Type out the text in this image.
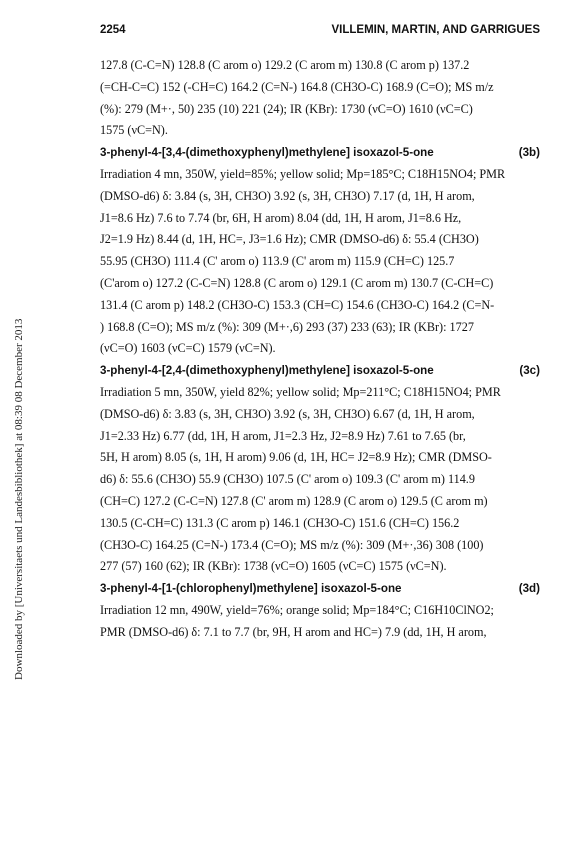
2254	VILLEMIN, MARTIN, AND GARRIGUES
Downloaded by [Universitaets und Landesbibliothek] at 08:39 08 December 2013
127.8 (C-C=N) 128.8 (C arom o) 129.2 (C arom m) 130.8 (C arom p) 137.2
(=CH-C=C) 152 (-CH=C) 164.2 (C=N-) 164.8 (CH3O-C) 168.9 (C=O); MS m/z
(%): 279 (M+·, 50) 235 (10) 221 (24); IR (KBr): 1730 (νC=O) 1610 (νC=C)
1575 (νC=N).
(3b)
3-phenyl-4-[3,4-(dimethoxyphenyl)methylene] isoxazol-5-one
Irradiation 4 mn, 350W, yield=85%; yellow solid; Mp=185°C; C18H15NO4; PMR
(DMSO-d6) δ: 3.84 (s, 3H, CH3O) 3.92 (s, 3H, CH3O) 7.17 (d, 1H, H arom,
J1=8.6 Hz) 7.6 to 7.74 (br, 6H, H arom) 8.04 (dd, 1H, H arom, J1=8.6 Hz,
J2=1.9 Hz) 8.44 (d, 1H, HC=, J3=1.6 Hz); CMR (DMSO-d6) δ: 55.4 (CH3O)
55.95 (CH3O) 111.4 (C' arom o) 113.9 (C' arom m) 115.9 (CH=C) 125.7
(C'arom o) 127.2 (C-C=N) 128.8 (C arom o) 129.1 (C arom m) 130.7 (C-CH=C)
131.4 (C arom p) 148.2 (CH3O-C) 153.3 (CH=C) 154.6 (CH3O-C) 164.2 (C=N-
) 168.8 (C=O); MS m/z (%): 309 (M+·,6) 293 (37) 233 (63); IR (KBr): 1727
(νC=O) 1603 (νC=C) 1579 (νC=N).
(3c)
3-phenyl-4-[2,4-(dimethoxyphenyl)methylene] isoxazol-5-one
Irradiation 5 mn, 350W, yield 82%; yellow solid; Mp=211°C; C18H15NO4; PMR
(DMSO-d6) δ: 3.83 (s, 3H, CH3O) 3.92 (s, 3H, CH3O) 6.67 (d, 1H, H arom,
J1=2.33 Hz) 6.77 (dd, 1H, H arom, J1=2.3 Hz, J2=8.9 Hz) 7.61 to 7.65 (br,
5H, H arom) 8.05 (s, 1H, H arom) 9.06 (d, 1H, HC= J2=8.9 Hz); CMR (DMSO-
d6) δ: 55.6 (CH3O) 55.9 (CH3O) 107.5 (C' arom o) 109.3 (C' arom m) 114.9
(CH=C) 127.2 (C-C=N) 127.8 (C' arom m) 128.9 (C arom o) 129.5 (C arom m)
130.5 (C-CH=C) 131.3 (C arom p) 146.1 (CH3O-C) 151.6 (CH=C) 156.2
(CH3O-C) 164.25 (C=N-) 173.4 (C=O); MS m/z (%): 309 (M+·,36) 308 (100)
277 (57) 160 (62); IR (KBr): 1738 (νC=O) 1605 (νC=C) 1575 (νC=N).
(3d)
3-phenyl-4-[1-(chlorophenyl)methylene] isoxazol-5-one
Irradiation 12 mn, 490W, yield=76%; orange solid; Mp=184°C; C16H10ClNO2;
PMR (DMSO-d6) δ: 7.1 to 7.7 (br, 9H, H arom and HC=) 7.9 (dd, 1H, H arom,
